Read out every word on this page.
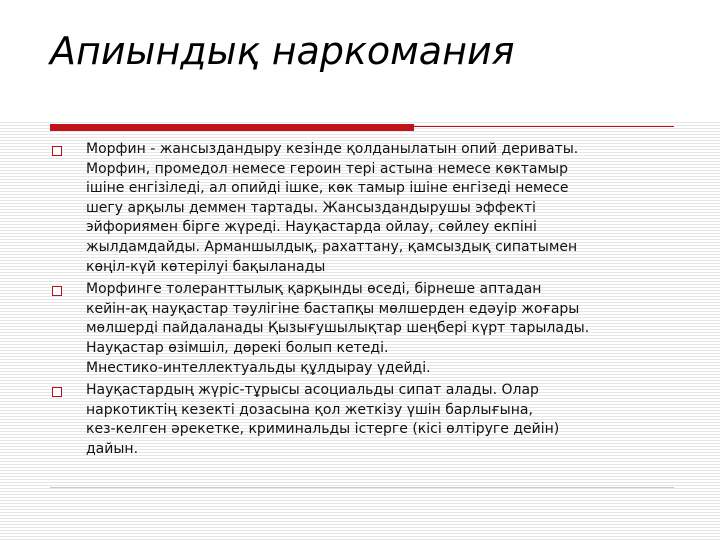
Апиындық наркомания
Морфин - жансыздандыру кезінде қолданылатын опий дериваты.
Морфин, промедол немесе героин тері астына немесе көктамыр
ішіне енгізіледі, ал опийді ішке, көк тамыр ішіне енгізеді немесе
шегу арқылы деммен тартады. Жансыздандырушы эффекті
эйфориямен бірге жүреді. Науқастарда ойлау, сөйлеу екпіні
жылдамдайды. Арманшылдық, рахаттану, қамсыздық сипатымен
көңіл-күй көтерілуі бақыланады
Морфинге толеранттылық қарқынды өседі, бірнеше аптадан
кейін-ақ науқастар тәулігіне бастапқы мөлшерден едәуір жоғары
мөлшерді пайдаланады Қызығушылықтар шеңбері күрт тарылады.
Науқастар өзімшіл, дөрекі болып кетеді.
Мнестико-интеллектуальды құлдырау үдейді.
Науқастардың жүріс-тұрысы асоциальды сипат алады. Олар
наркотиктің кезекті дозасына қол жеткізу үшін барлығына,
кез-келген әрекетке, криминальды істерге (кісі өлтіруге дейін)
дайын.
